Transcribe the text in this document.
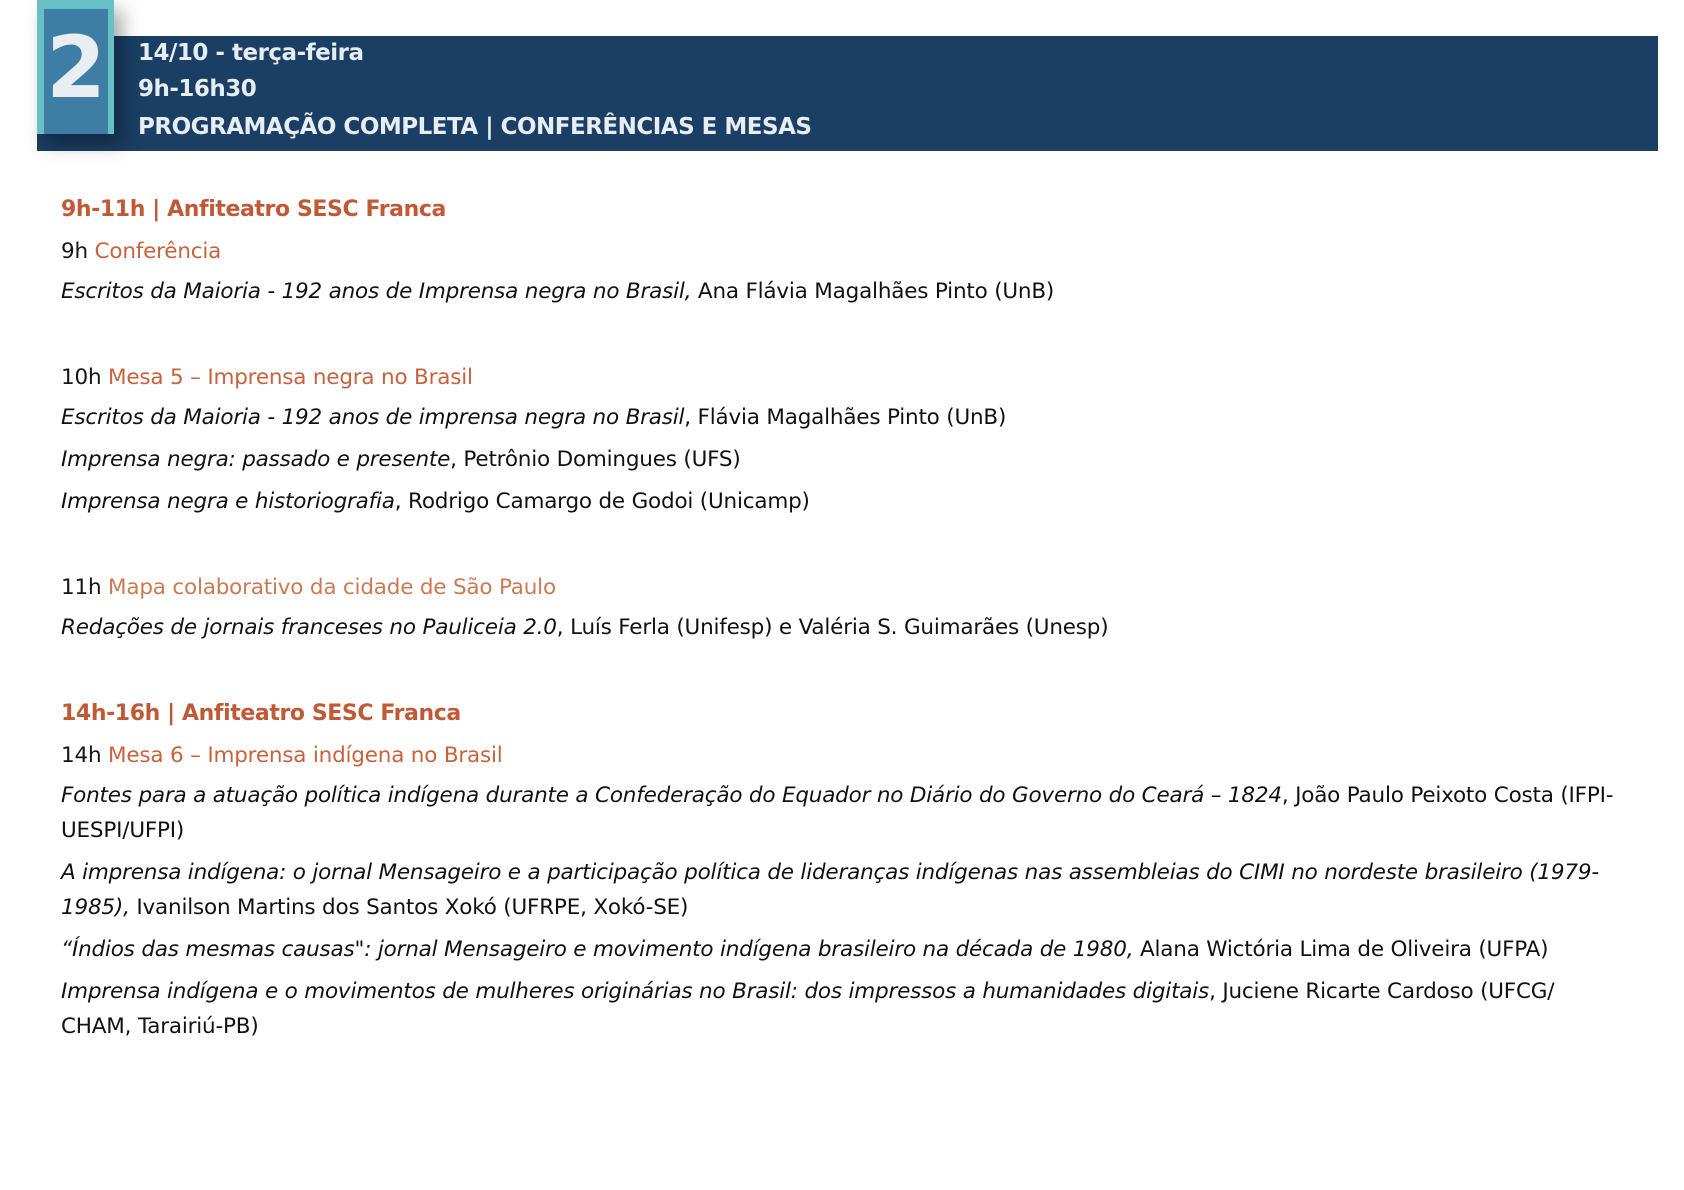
2 14/10 - terça-feira
9h-16h30
PROGRAMAÇÃO COMPLETA | CONFERÊNCIAS E MESAS
9h-11h | Anfiteatro SESC Franca
9h Conferência
Escritos da Maioria - 192 anos de Imprensa negra no Brasil, Ana Flávia Magalhães Pinto (UnB)
10h Mesa 5 – Imprensa negra no Brasil
Escritos da Maioria - 192 anos de imprensa negra no Brasil, Flávia Magalhães Pinto (UnB)
Imprensa negra: passado e presente, Petrônio Domingues (UFS)
Imprensa negra e historiografia, Rodrigo Camargo de Godoi (Unicamp)
11h Mapa colaborativo da cidade de São Paulo
Redações de jornais franceses no Pauliceia 2.0, Luís Ferla (Unifesp) e Valéria S. Guimarães (Unesp)
14h-16h | Anfiteatro SESC Franca
14h Mesa 6 – Imprensa indígena no Brasil
Fontes para a atuação política indígena durante a Confederação do Equador no Diário do Governo do Ceará – 1824, João Paulo Peixoto Costa (IFPI-UESPI/UFPI)
A imprensa indígena: o jornal Mensageiro e a participação política de lideranças indígenas nas assembleias do CIMI no nordeste brasileiro (1979-1985), Ivanilson Martins dos Santos Xokó (UFRPE, Xokó-SE)
“Índios das mesmas causas": jornal Mensageiro e movimento indígena brasileiro na década de 1980, Alana Wictória Lima de Oliveira (UFPA)
Imprensa indígena e o movimentos de mulheres originárias no Brasil: dos impressos a humanidades digitais, Juciene Ricarte Cardoso (UFCG/ CHAM, Tarairiú-PB)
